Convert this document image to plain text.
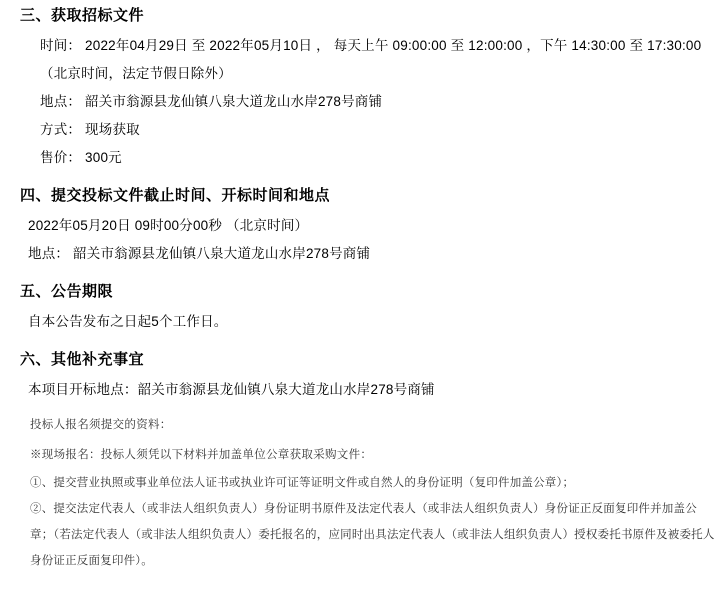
三、获取招标文件
时间： 2022年04月29日 至 2022年05月10日 ， 每天上午 09:00:00 至 12:00:00 ，下午 14:30:00 至 17:30:00 （北京时间，法定节假日除外）
地点： 韶关市翁源县龙仙镇八泉大道龙山水岸278号商铺
方式： 现场获取
售价： 300元
四、提交投标文件截止时间、开标时间和地点
2022年05月20日 09时00分00秒 （北京时间）
地点： 韶关市翁源县龙仙镇八泉大道龙山水岸278号商铺
五、公告期限
自本公告发布之日起5个工作日。
六、其他补充事宜
本项目开标地点：韶关市翁源县龙仙镇八泉大道龙山水岸278号商铺
投标人报名须提交的资料：
※现场报名：投标人须凭以下材料并加盖单位公章获取采购文件：
①、提交营业执照或事业单位法人证书或执业许可证等证明文件或自然人的身份证明（复印件加盖公章）；
②、提交法定代表人（或非法人组织负责人）身份证明书原件及法定代表人（或非法人组织负责人）身份证正反面复印件并加盖公章；（若法定代表人（或非法人组织负责人）委托报名的，应同时出具法定代表人（或非法人组织负责人）授权委托书原件及被委托人身份证正反面复印件）。
